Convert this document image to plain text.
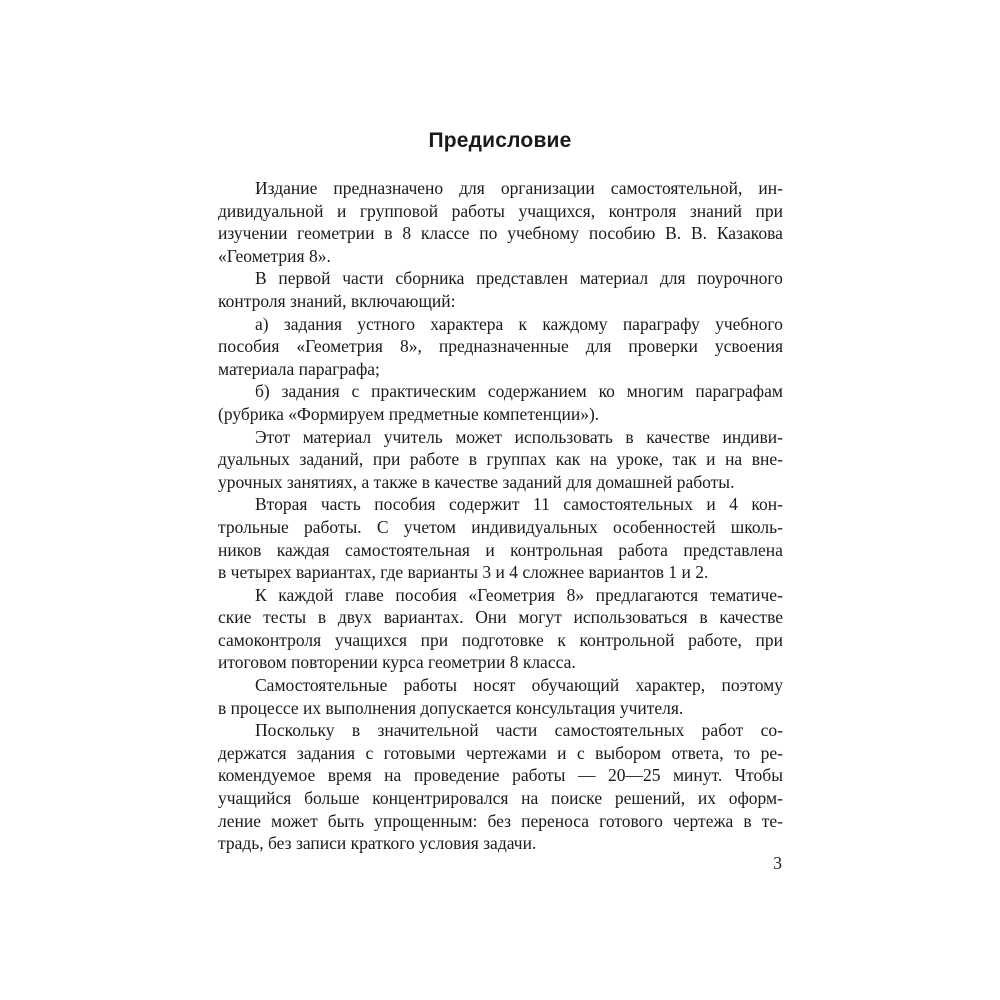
Предисловие
Издание предназначено для организации самостоятельной, ин-
дивидуальной и групповой работы учащихся, контроля знаний при
изучении геометрии в 8 классе по учебному пособию В. В. Казакова
«Геометрия 8».
В первой части сборника представлен материал для поурочного
контроля знаний, включающий:
а) задания устного характера к каждому параграфу учебного
пособия «Геометрия 8», предназначенные для проверки усвоения
материала параграфа;
б) задания с практическим содержанием ко многим параграфам
(рубрика «Формируем предметные компетенции»).
Этот материал учитель может использовать в качестве индиви-
дуальных заданий, при работе в группах как на уроке, так и на вне-
урочных занятиях, а также в качестве заданий для домашней работы.
Вторая часть пособия содержит 11 самостоятельных и 4 кон-
трольные работы. С учетом индивидуальных особенностей школь-
ников каждая самостоятельная и контрольная работа представлена
в четырех вариантах, где варианты 3 и 4 сложнее вариантов 1 и 2.
К каждой главе пособия «Геометрия 8» предлагаются тематиче-
ские тесты в двух вариантах. Они могут использоваться в качестве
самоконтроля учащихся при подготовке к контрольной работе, при
итоговом повторении курса геометрии 8 класса.
Самостоятельные работы носят обучающий характер, поэтому
в процессе их выполнения допускается консультация учителя.
Поскольку в значительной части самостоятельных работ со-
держатся задания с готовыми чертежами и с выбором ответа, то ре-
комендуемое время на проведение работы — 20—25 минут. Чтобы
учащийся больше концентрировался на поиске решений, их оформ-
ление может быть упрощенным: без переноса готового чертежа в те-
традь, без записи краткого условия задачи.
3
